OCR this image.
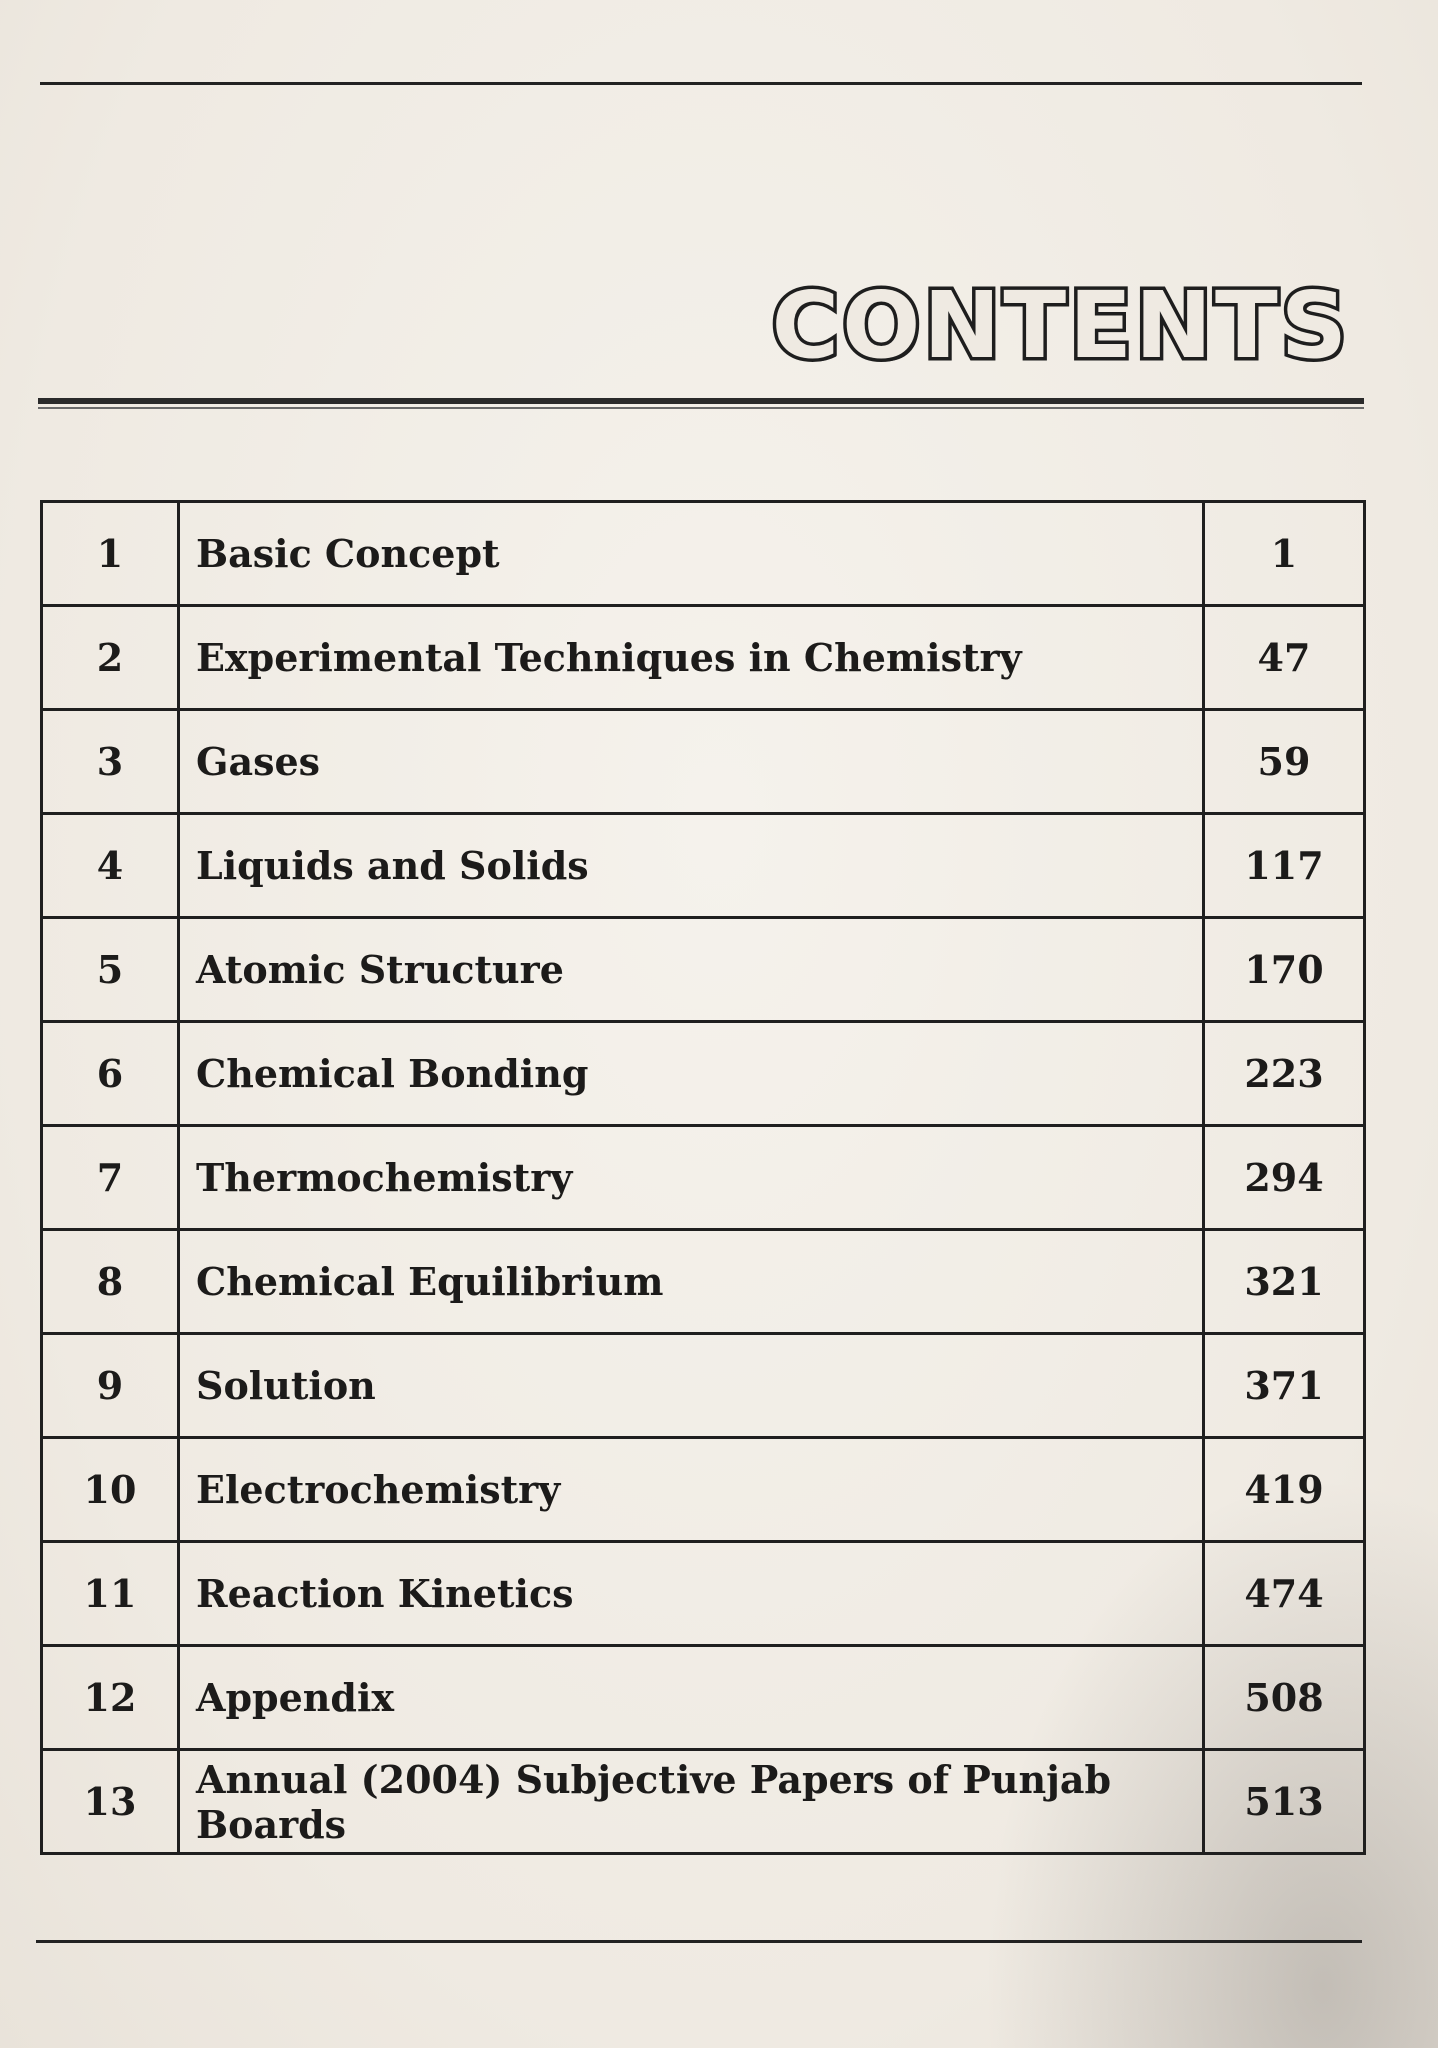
CONTENTS
1	Basic Concept	1
2	Experimental Techniques in Chemistry	47
3	Gases	59
4	Liquids and Solids	117
5	Atomic Structure	170
6	Chemical Bonding	223
7	Thermochemistry	294
8	Chemical Equilibrium	321
9	Solution	371
10	Electrochemistry	419
11	Reaction Kinetics	474
12	Appendix	508
13	Annual (2004) Subjective Papers of Punjab Boards	513
